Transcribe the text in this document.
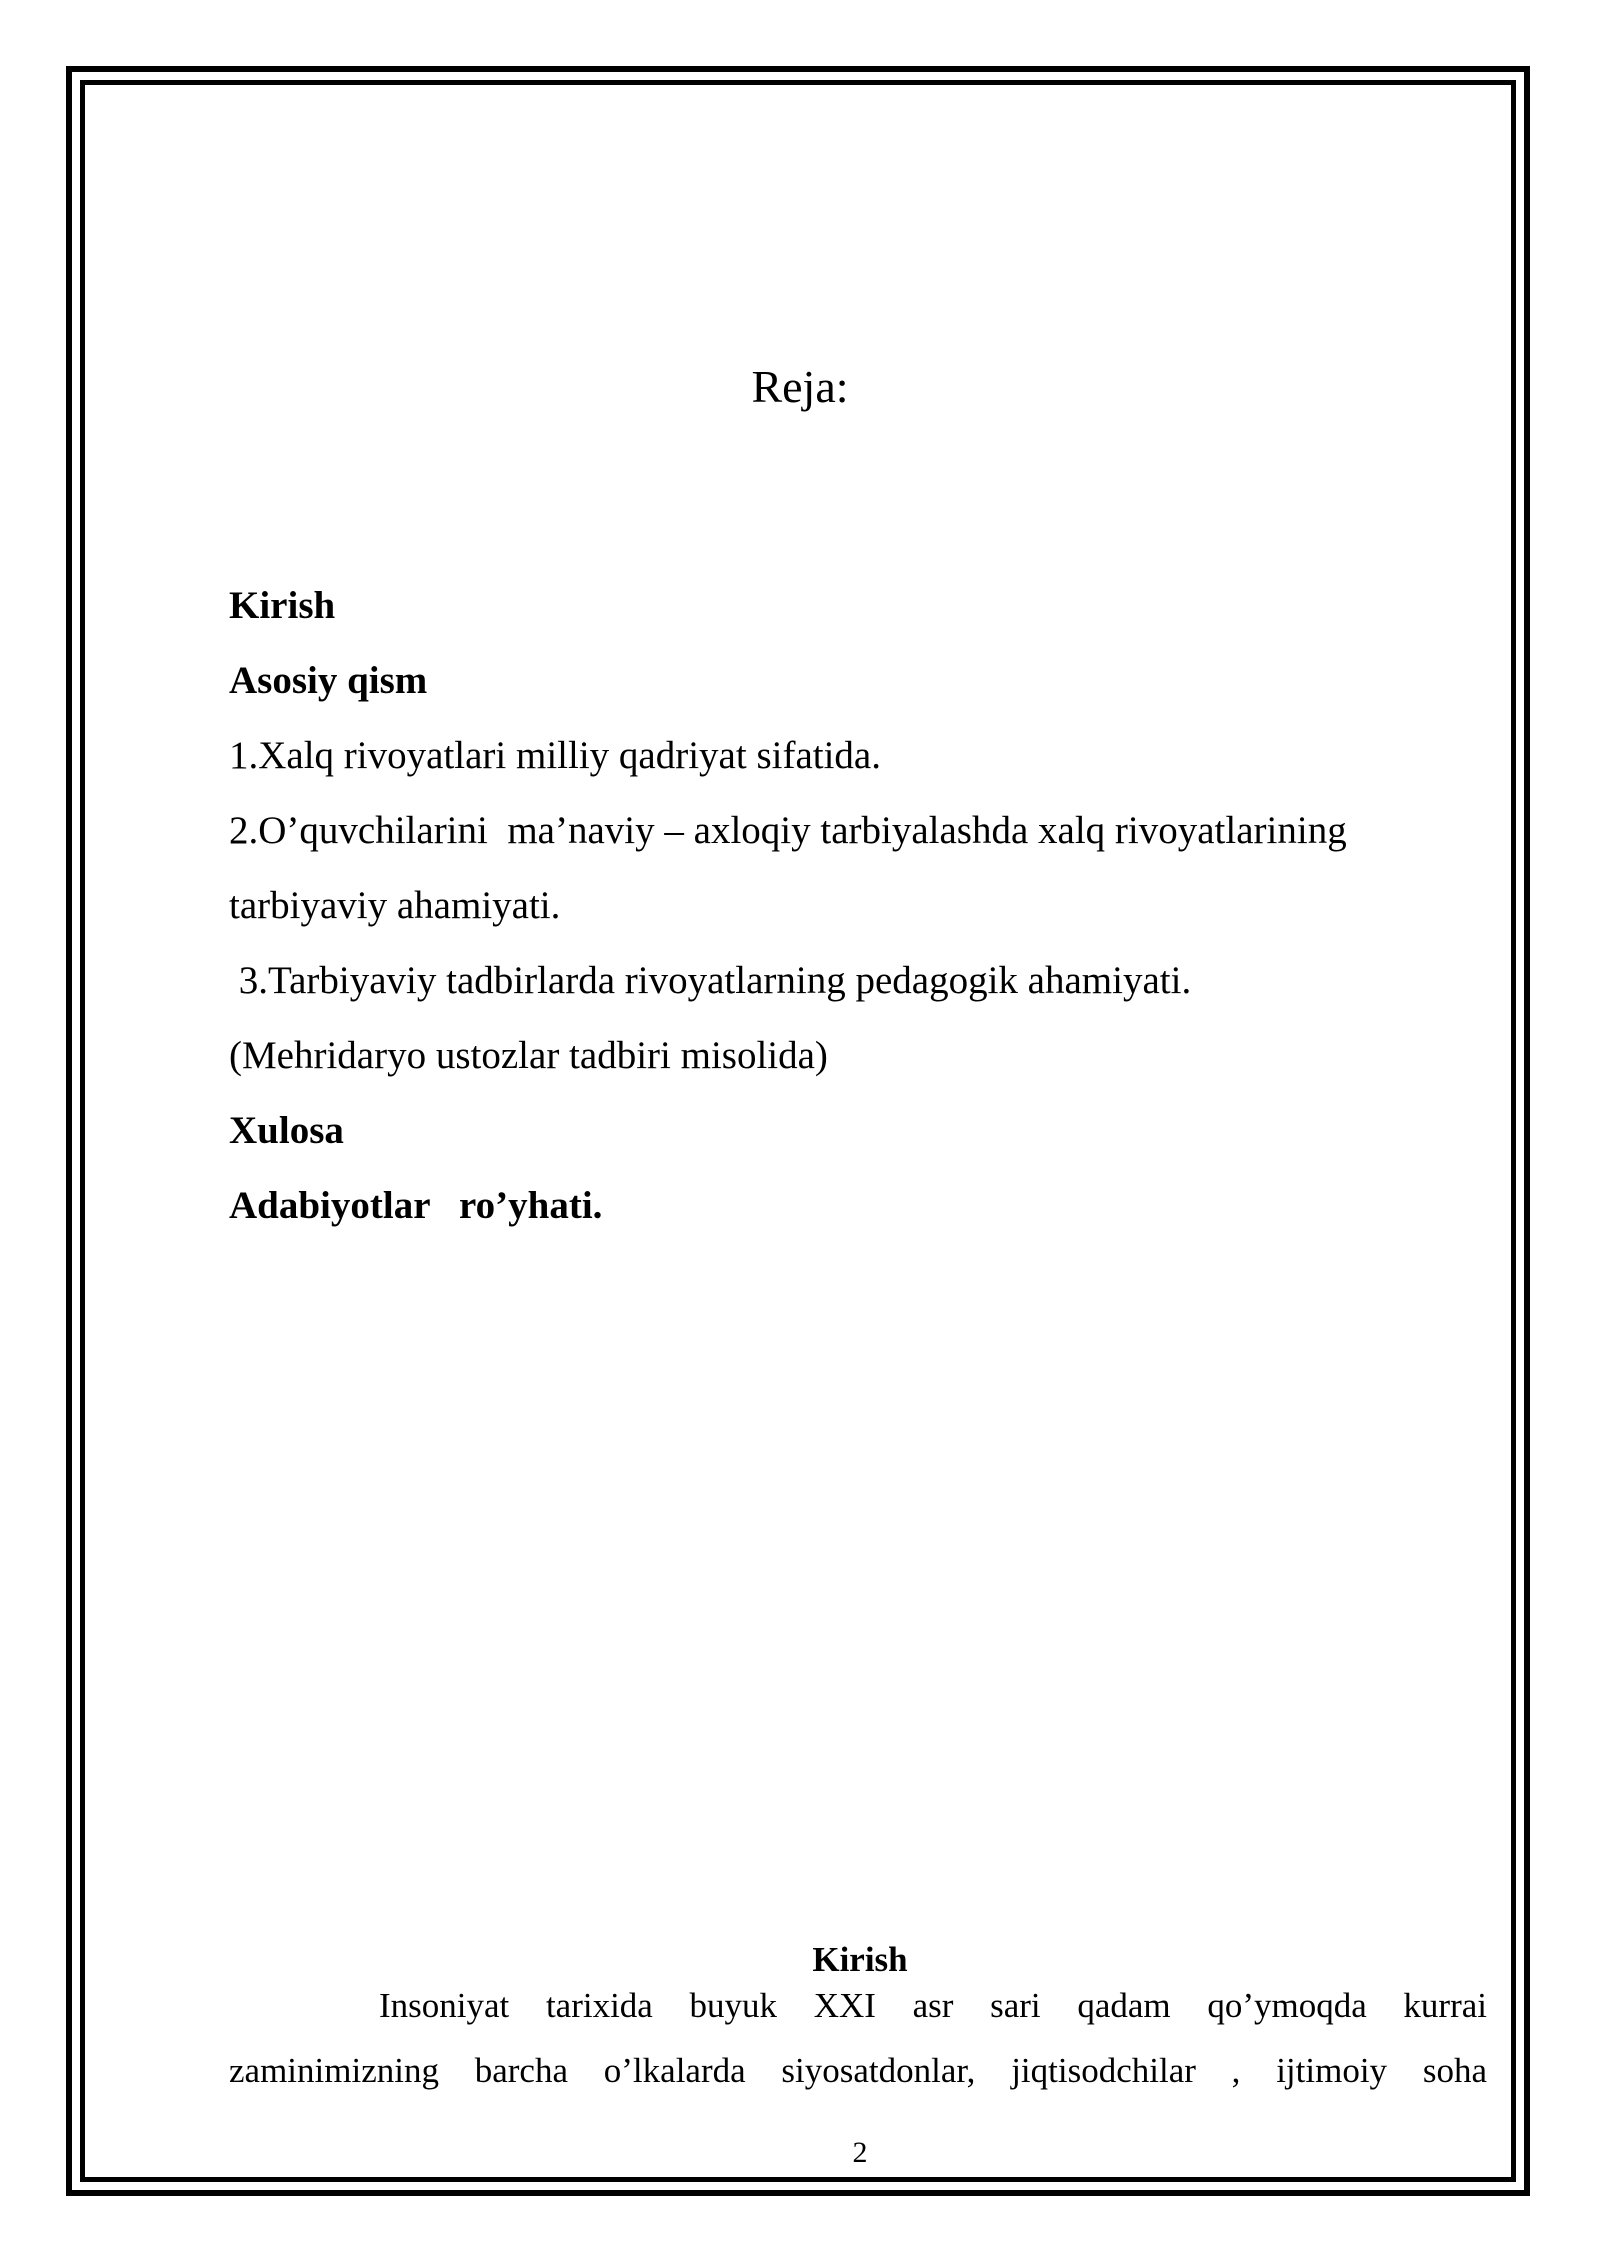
Reja:
Kirish
Asosiy qism
1.Xalq rivoyatlari milliy qadriyat sifatida.
2.O’quvchilarini  ma’naviy – axloqiy tarbiyalashda xalq rivoyatlarining
tarbiyaviy ahamiyati.
3.Tarbiyaviy tadbirlarda rivoyatlarning pedagogik ahamiyati.
(Mehridaryo ustozlar tadbiri misolida)
Xulosa
Adabiyotlar   ro’yhati.
Kirish
Insoniyat tarixida buyuk XXI asr sari qadam qo’ymoqda kurrai
zaminimizning barcha o’lkalarda siyosatdonlar, jiqtisodchilar , ijtimoiy soha
2
